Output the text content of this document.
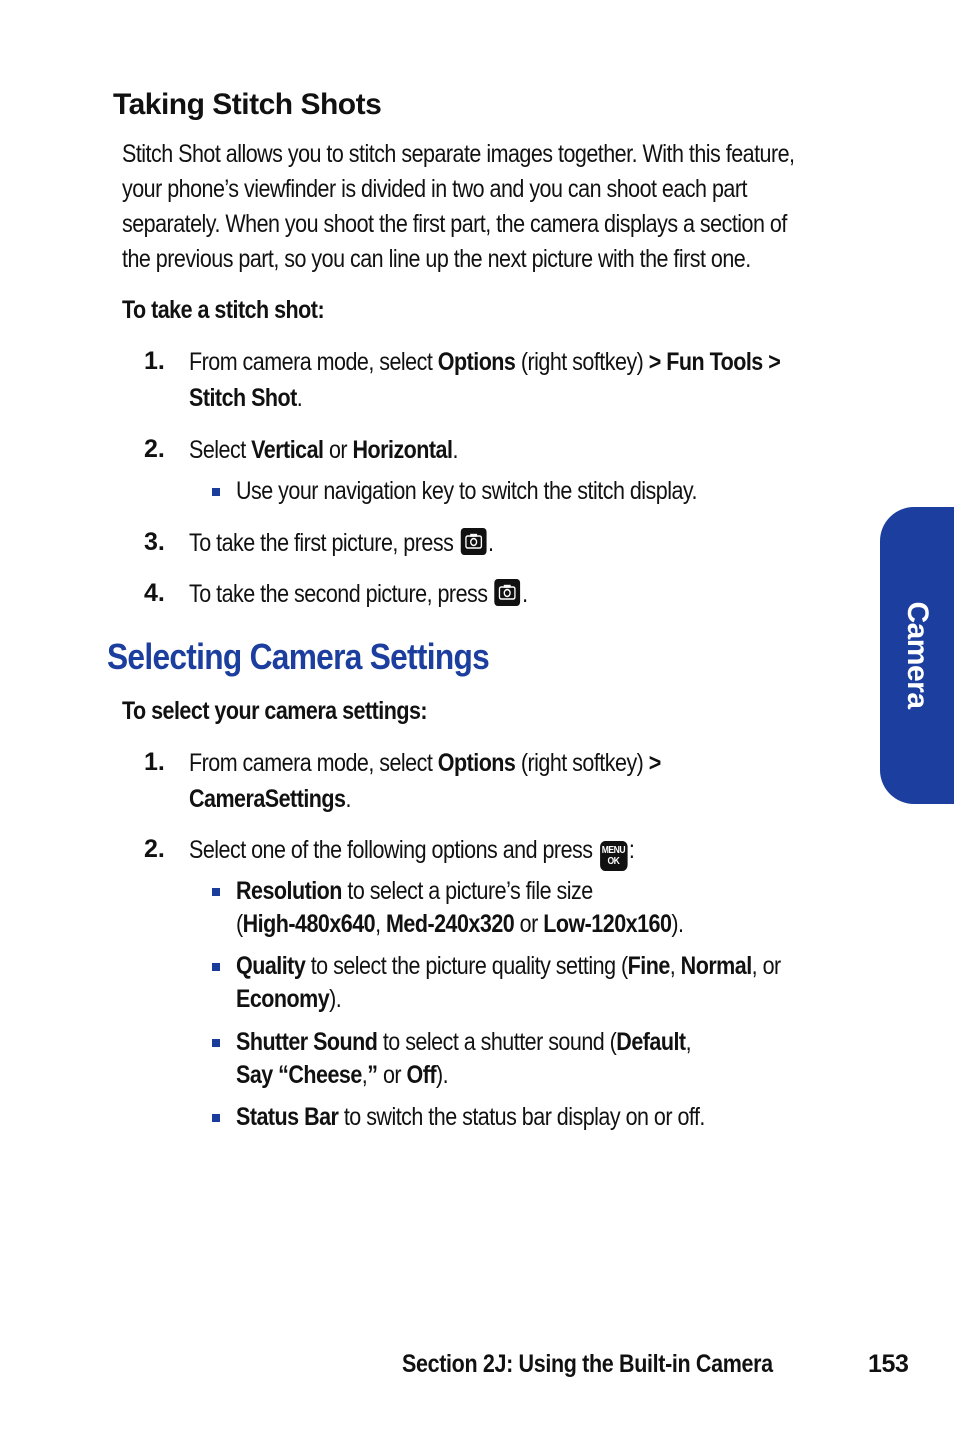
Taking Stitch Shots
Stitch Shot allows you to stitch separate images together. With this feature,
your phone’s viewfinder is divided in two and you can shoot each part
separately. When you shoot the first part, the camera displays a section of
the previous part, so you can line up the next picture with the first one.
To take a stitch shot:
1. From camera mode, select Options (right softkey) > Fun Tools >
Stitch Shot.
2. Select Vertical or Horizontal.
Use your navigation key to switch the stitch display.
3. To take the first picture, press
.
4. To take the second picture, press
.
Selecting Camera Settings
To select your camera settings:
1. From camera mode, select Options (right softkey) >
CameraSettings.
2. Select one of the following options and press MENU
OK :
Resolution to select a picture’s file size
(High-480x640, Med-240x320 or Low-120x160).
Quality to select the picture quality setting (Fine, Normal, or
Economy).
Shutter Sound to select a shutter sound (Default,
Say “Cheese,” or Off).
Status Bar to switch the status bar display on or off.
Camera
Section 2J: Using the Built-in Camera	153
